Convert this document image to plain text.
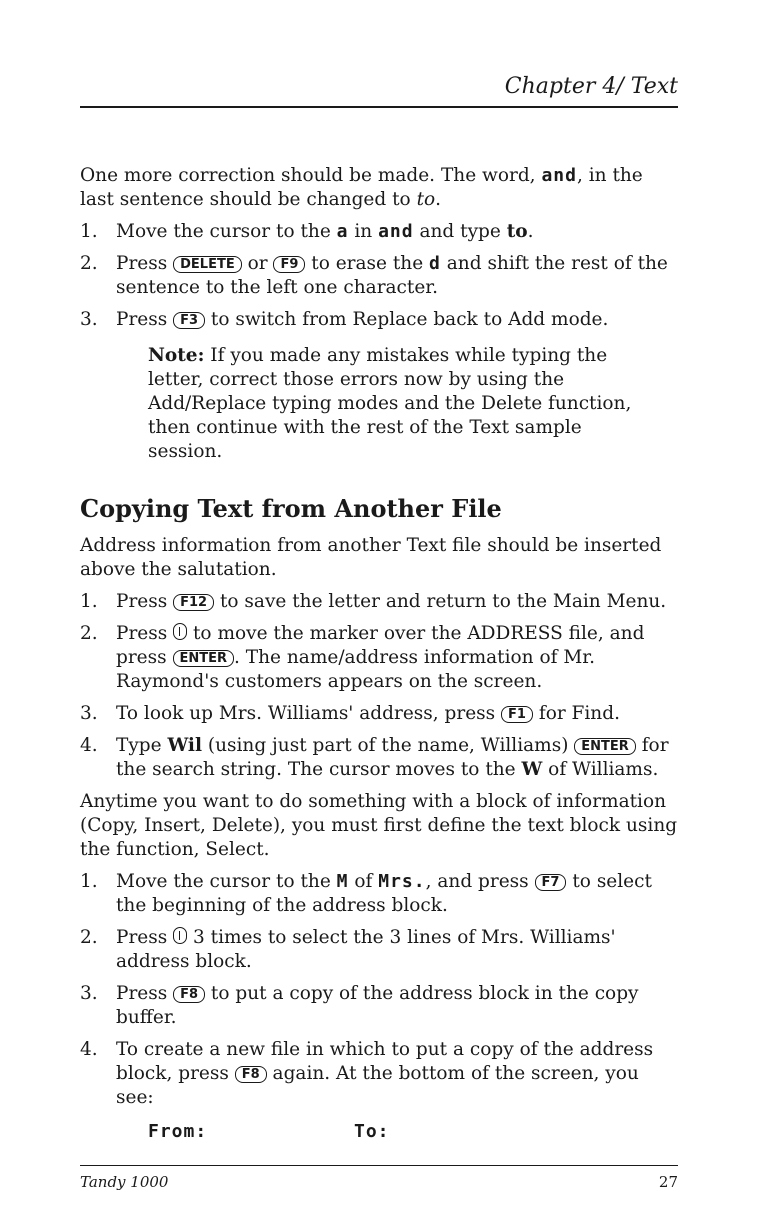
Chapter 4/ Text

One more correction should be made. The word, and, in the last sentence should be changed to to.

1. Move the cursor to the a in and and type to.
2. Press DELETE or F9 to erase the d and shift the rest of the sentence to the left one character.
3. Press F3 to switch from Replace back to Add mode.

Note: If you made any mistakes while typing the letter, correct those errors now by using the Add/Replace typing modes and the Delete function, then continue with the rest of the Text sample session.

Copying Text from Another File

Address information from another Text file should be inserted above the salutation.

1. Press F12 to save the letter and return to the Main Menu.
2. Press
to move the marker over the ADDRESS file, and press ENTER . The name/address information of Mr. Raymond's customers appears on the screen.
3. To look up Mrs. Williams' address, press F1 for Find.
4. Type Wil (using just part of the name, Williams) ENTER for the search string. The cursor moves to the W of Williams.

Anytime you want to do something with a block of information (Copy, Insert, Delete), you must first define the text block using the function, Select.

1. Move the cursor to the M of Mrs., and press F7 to select the beginning of the address block.
2. Press
3 times to select the 3 lines of Mrs. Williams' address block.
3. Press F8 to put a copy of the address block in the copy buffer.
4. To create a new file in which to put a copy of the address block, press F8 again. At the bottom of the screen, you see:
From:	To:
Tandy 1000	27
